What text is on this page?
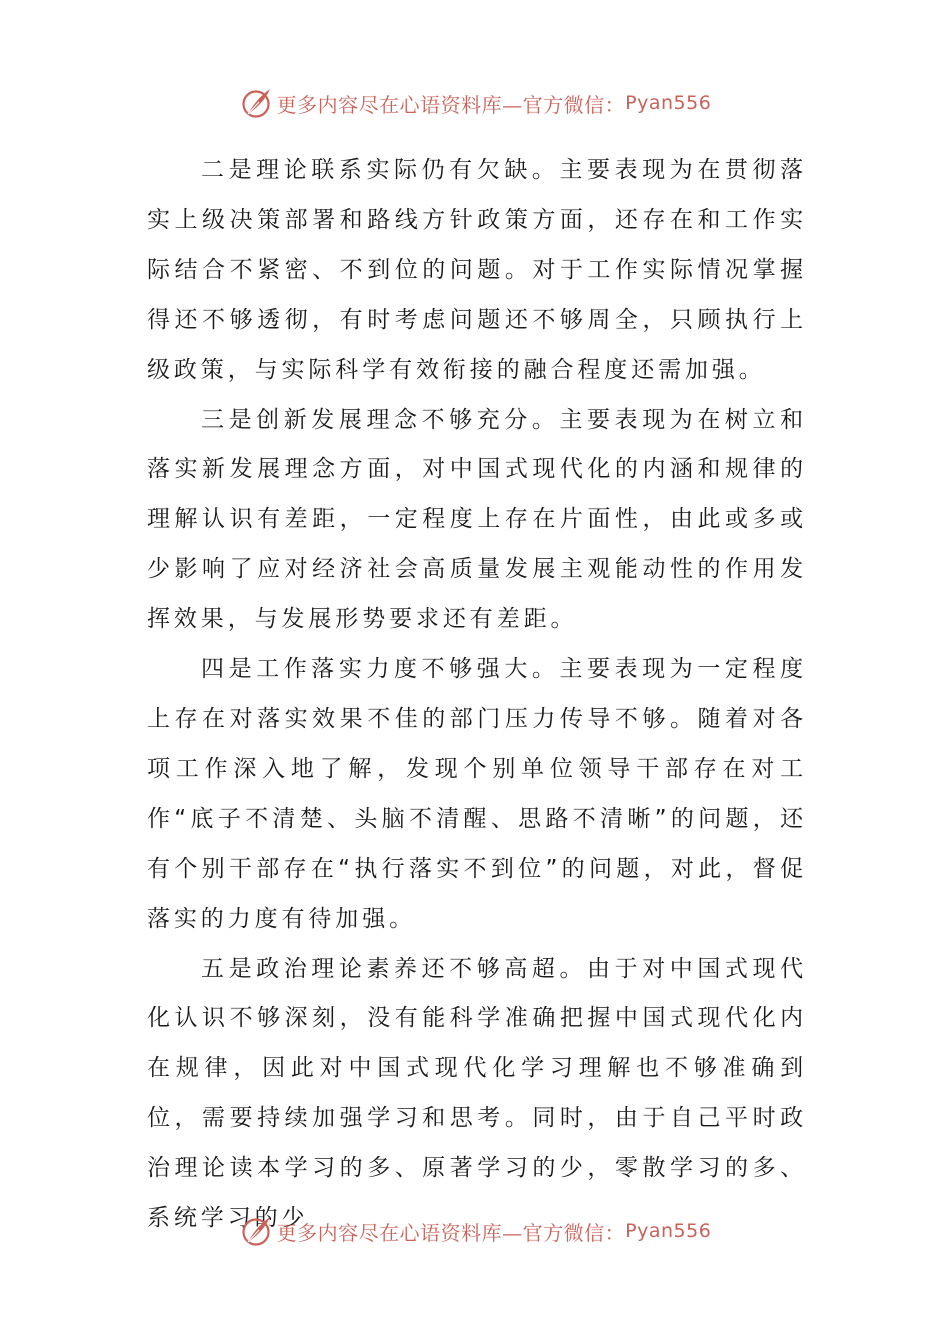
更多内容尽在心语资料库—官方微信： Pyan556

二是理论联系实际仍有欠缺。主要表现为在贯彻落实上级决策部署和路线方针政策方面，还存在和工作实际结合不紧密、不到位的问题。对于工作实际情况掌握得还不够透彻，有时考虑问题还不够周全，只顾执行上级政策，与实际科学有效衔接的融合程度还需加强。

三是创新发展理念不够充分。主要表现为在树立和落实新发展理念方面，对中国式现代化的内涵和规律的理解认识有差距，一定程度上存在片面性，由此或多或少影响了应对经济社会高质量发展主观能动性的作用发挥效果，与发展形势要求还有差距。

四是工作落实力度不够强大。主要表现为一定程度上存在对落实效果不佳的部门压力传导不够。随着对各项工作深入地了解，发现个别单位领导干部存在对工作“底子不清楚、头脑不清醒、思路不清晰”的问题，还有个别干部存在“执行落实不到位”的问题，对此，督促落实的力度有待加强。

五是政治理论素养还不够高超。由于对中国式现代化认识不够深刻，没有能科学准确把握中国式现代化内在规律，因此对中国式现代化学习理解也不够准确到位，需要持续加强学习和思考。同时，由于自己平时政治理论读本学习的多、原著学习的少，零散学习的多、系统学习的少

更多内容尽在心语资料库—官方微信： Pyan556
